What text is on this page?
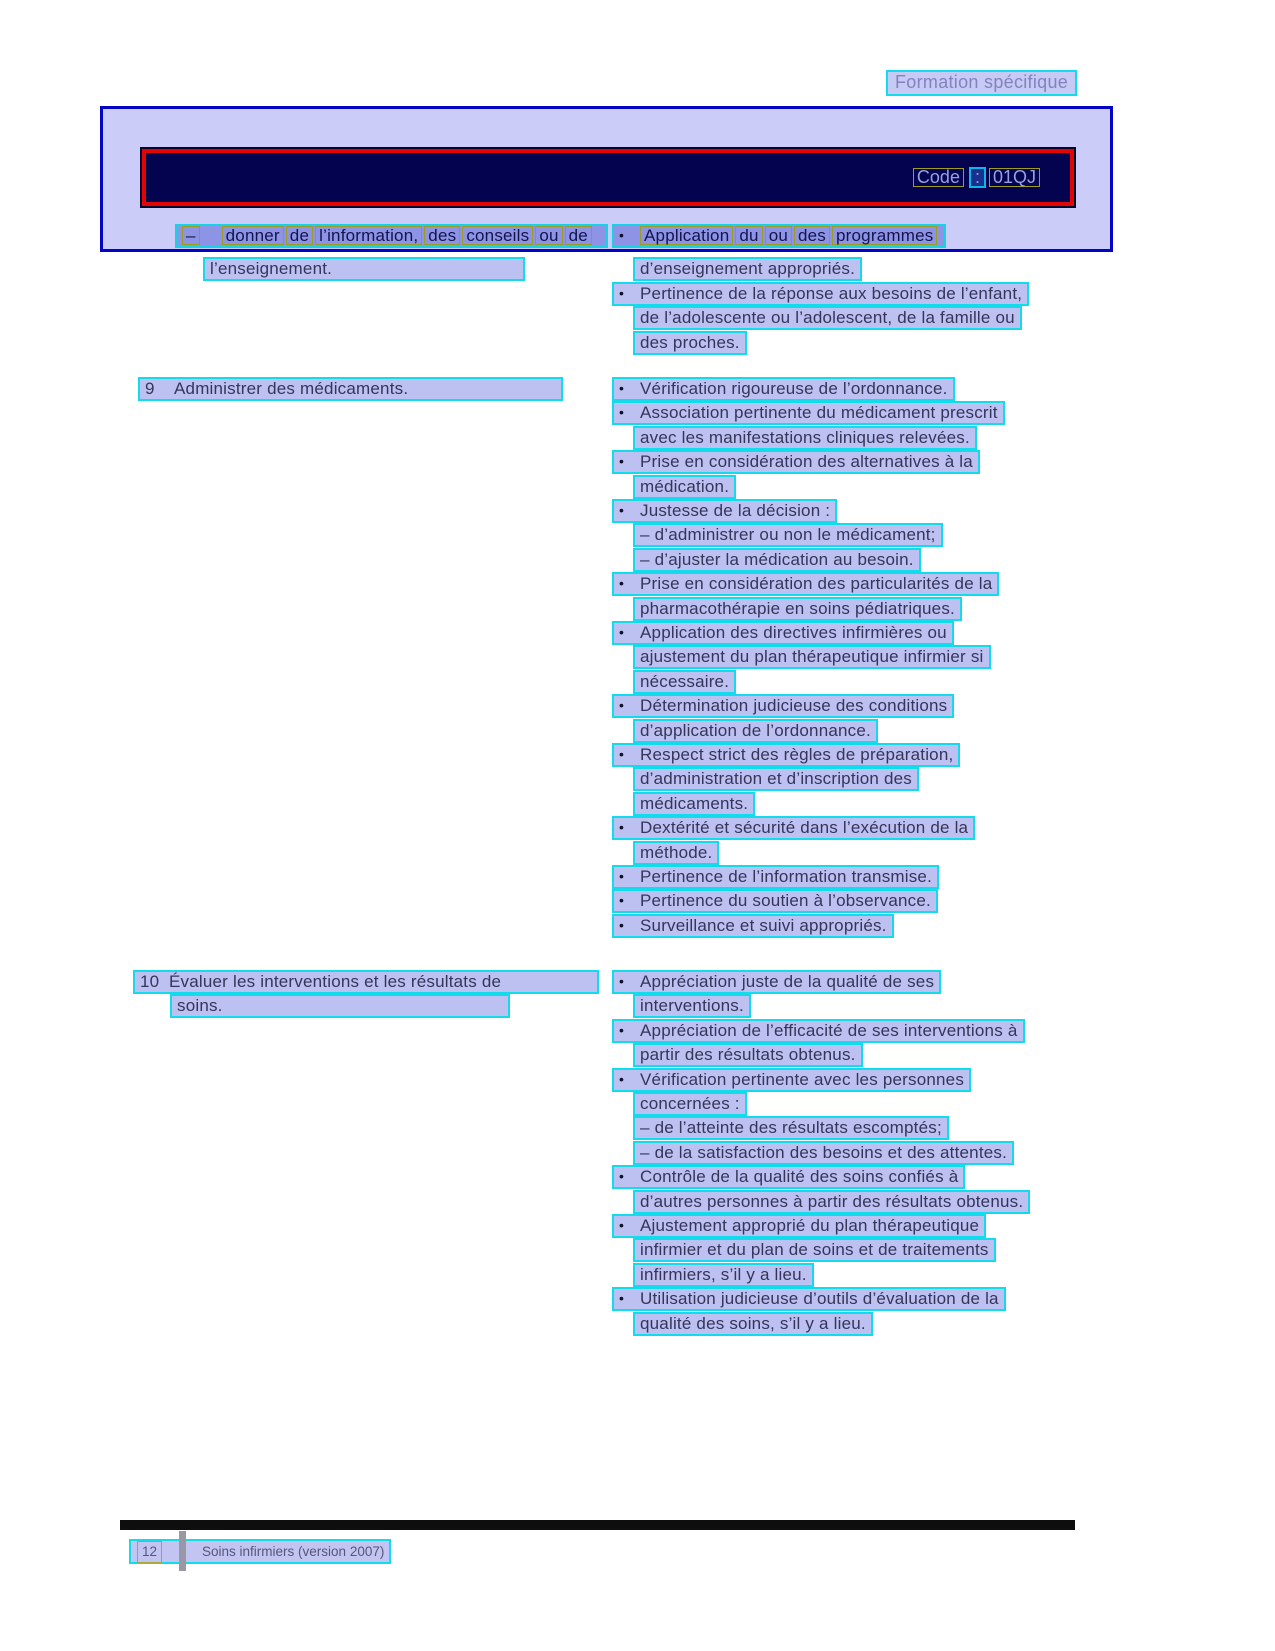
Formation spécifique
Code : 01QJ
– donner de l’information, des conseils ou de
l’enseignement.
• Application du ou des programmes
d’enseignement appropriés.
• Pertinence de la réponse aux besoins de l’enfant,
de l’adolescente ou l’adolescent, de la famille ou
des proches.
9 Administrer des médicaments.	• Vérification rigoureuse de l’ordonnance.
• Association pertinente du médicament prescrit
avec les manifestations cliniques relevées.
• Prise en considération des alternatives à la
médication.
• Justesse de la décision :
– d’administrer ou non le médicament;
– d’ajuster la médication au besoin.
• Prise en considération des particularités de la
pharmacothérapie en soins pédiatriques.
• Application des directives infirmières ou
ajustement du plan thérapeutique infirmier si
nécessaire.
• Détermination judicieuse des conditions
d’application de l’ordonnance.
• Respect strict des règles de préparation,
d’administration et d’inscription des
médicaments.
• Dextérité et sécurité dans l’exécution de la
méthode.
• Pertinence de l’information transmise.
• Pertinence du soutien à l’observance.
• Surveillance et suivi appropriés.
10 Évaluer les interventions et les résultats de
soins.
• Appréciation juste de la qualité de ses
interventions.
• Appréciation de l’efficacité de ses interventions à
partir des résultats obtenus.
• Vérification pertinente avec les personnes
concernées :
– de l’atteinte des résultats escomptés;
– de la satisfaction des besoins et des attentes.
• Contrôle de la qualité des soins confiés à
d’autres personnes à partir des résultats obtenus.
• Ajustement approprié du plan thérapeutique
infirmier et du plan de soins et de traitements
infirmiers, s’il y a lieu.
• Utilisation judicieuse d’outils d’évaluation de la
qualité des soins, s’il y a lieu.
12	Soins infirmiers (version 2007)
